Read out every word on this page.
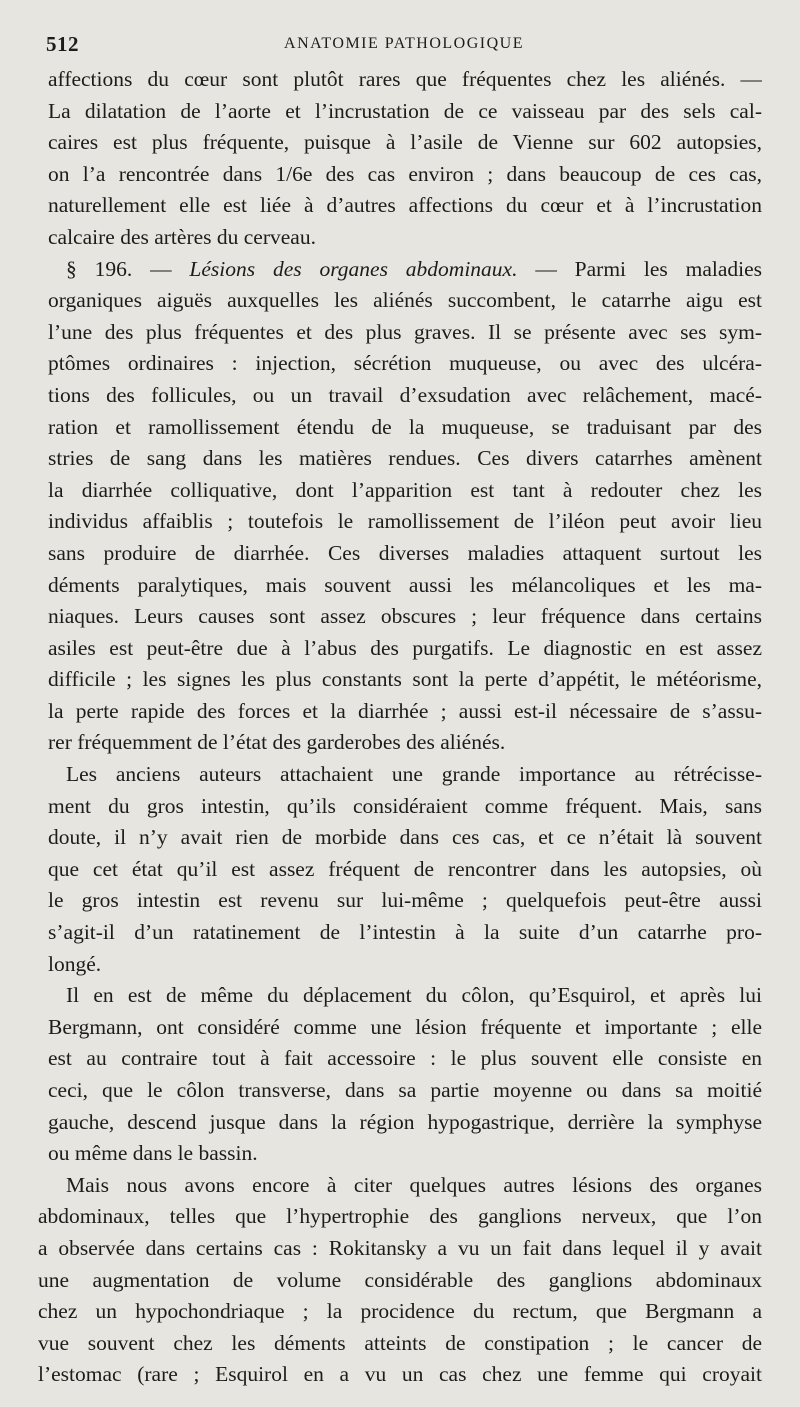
512	ANATOMIE PATHOLOGIQUE
affections du cœur sont plutôt rares que fréquentes chez les aliénés. —
La dilatation de l’aorte et l’incrustation de ce vaisseau par des sels cal-
caires est plus fréquente, puisque à l’asile de Vienne sur 602 autopsies,
on l’a rencontrée dans 1/6e des cas environ ; dans beaucoup de ces cas,
naturellement elle est liée à d’autres affections du cœur et à l’incrustation
calcaire des artères du cerveau.
§ 196. — Lésions des organes abdominaux. — Parmi les maladies
organiques aiguës auxquelles les aliénés succombent, le catarrhe aigu est
l’une des plus fréquentes et des plus graves. Il se présente avec ses sym-
ptômes ordinaires : injection, sécrétion muqueuse, ou avec des ulcéra-
tions des follicules, ou un travail d’exsudation avec relâchement, macé-
ration et ramollissement étendu de la muqueuse, se traduisant par des
stries de sang dans les matières rendues. Ces divers catarrhes amènent
la diarrhée colliquative, dont l’apparition est tant à redouter chez les
individus affaiblis ; toutefois le ramollissement de l’iléon peut avoir lieu
sans produire de diarrhée. Ces diverses maladies attaquent surtout les
déments paralytiques, mais souvent aussi les mélancoliques et les ma-
niaques. Leurs causes sont assez obscures ; leur fréquence dans certains
asiles est peut-être due à l’abus des purgatifs. Le diagnostic en est assez
difficile ; les signes les plus constants sont la perte d’appétit, le météorisme,
la perte rapide des forces et la diarrhée ; aussi est-il nécessaire de s’assu-
rer fréquemment de l’état des garderobes des aliénés.
Les anciens auteurs attachaient une grande importance au rétrécisse-
ment du gros intestin, qu’ils considéraient comme fréquent. Mais, sans
doute, il n’y avait rien de morbide dans ces cas, et ce n’était là souvent
que cet état qu’il est assez fréquent de rencontrer dans les autopsies, où
le gros intestin est revenu sur lui-même ; quelquefois peut-être aussi
s’agit-il d’un ratatinement de l’intestin à la suite d’un catarrhe pro-
longé.
Il en est de même du déplacement du côlon, qu’Esquirol, et après lui
Bergmann, ont considéré comme une lésion fréquente et importante ; elle
est au contraire tout à fait accessoire : le plus souvent elle consiste en
ceci, que le côlon transverse, dans sa partie moyenne ou dans sa moitié
gauche, descend jusque dans la région hypogastrique, derrière la symphyse
ou même dans le bassin.
Mais nous avons encore à citer quelques autres lésions des organes
abdominaux, telles que l’hypertrophie des ganglions nerveux, que l’on
a observée dans certains cas : Rokitansky a vu un fait dans lequel il y avait
une augmentation de volume considérable des ganglions abdominaux
chez un hypochondriaque ; la procidence du rectum, que Bergmann a
vue souvent chez les déments atteints de constipation ; le cancer de
l’estomac (rare ; Esquirol en a vu un cas chez une femme qui croyait
